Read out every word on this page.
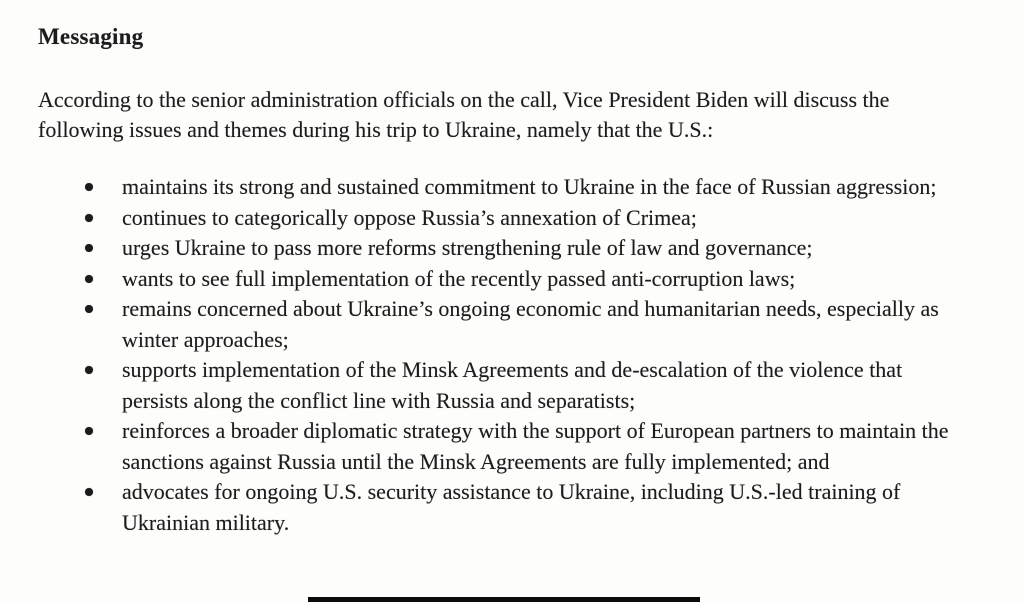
Messaging

According to the senior administration officials on the call, Vice President Biden will discuss the following issues and themes during his trip to Ukraine, namely that the U.S.:

maintains its strong and sustained commitment to Ukraine in the face of Russian aggression;
continues to categorically oppose Russia’s annexation of Crimea;
urges Ukraine to pass more reforms strengthening rule of law and governance;
wants to see full implementation of the recently passed anti-corruption laws;
remains concerned about Ukraine’s ongoing economic and humanitarian needs, especially as winter approaches;
supports implementation of the Minsk Agreements and de-escalation of the violence that persists along the conflict line with Russia and separatists;
reinforces a broader diplomatic strategy with the support of European partners to maintain the sanctions against Russia until the Minsk Agreements are fully implemented; and
advocates for ongoing U.S. security assistance to Ukraine, including U.S.-led training of Ukrainian military.
